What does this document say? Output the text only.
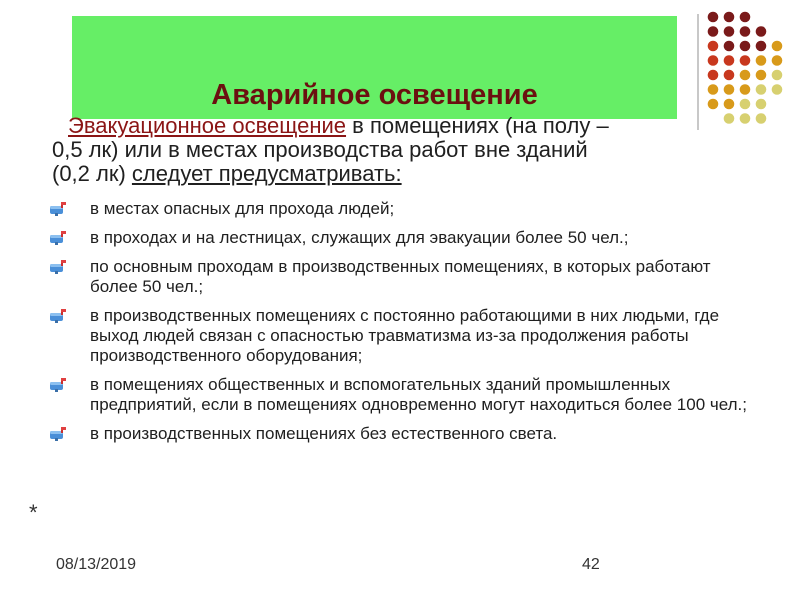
Аварийное освещение
Эвакуационное освещение в помещениях (на полу –
0,5 лк) или в местах производства работ вне зданий
(0,2 лк) следует предусматривать:
в местах опасных для прохода людей;
в проходах и на лестницах, служащих для эвакуации более 50 чел.;
по основным проходам в производственных помещениях, в которых работают более 50 чел.;
в производственных помещениях с постоянно работающими в них людьми, где выход людей связан с опасностью травматизма из-за продолжения работы производственного оборудования;
в помещениях общественных и вспомогательных зданий промышленных предприятий, если в помещениях одновременно могут находиться более 100 чел.;
в производственных помещениях без естественного света.
*
08/13/2019	42
